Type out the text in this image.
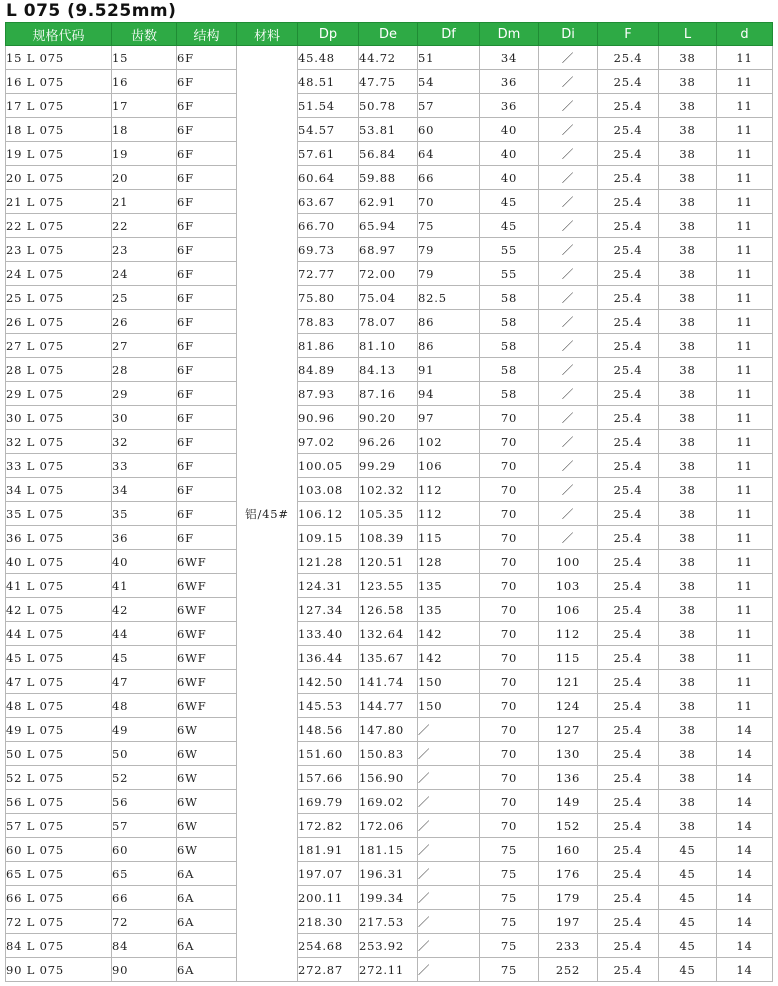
L 075 (9.525mm)
规格代码	齿数	结构	材料	Dp	De	Df	Dm	Di	F	L	d
15 L 075	15	6F	铝/45#	45.48	44.72	51	34	／	25.4	38	11
16 L 075	16	6F		48.51	47.75	54	36	／	25.4	38	11
17 L 075	17	6F		51.54	50.78	57	36	／	25.4	38	11
18 L 075	18	6F		54.57	53.81	60	40	／	25.4	38	11
19 L 075	19	6F		57.61	56.84	64	40	／	25.4	38	11
20 L 075	20	6F		60.64	59.88	66	40	／	25.4	38	11
21 L 075	21	6F		63.67	62.91	70	45	／	25.4	38	11
22 L 075	22	6F		66.70	65.94	75	45	／	25.4	38	11
23 L 075	23	6F		69.73	68.97	79	55	／	25.4	38	11
24 L 075	24	6F		72.77	72.00	79	55	／	25.4	38	11
25 L 075	25	6F		75.80	75.04	82.5	58	／	25.4	38	11
26 L 075	26	6F		78.83	78.07	86	58	／	25.4	38	11
27 L 075	27	6F		81.86	81.10	86	58	／	25.4	38	11
28 L 075	28	6F		84.89	84.13	91	58	／	25.4	38	11
29 L 075	29	6F		87.93	87.16	94	58	／	25.4	38	11
30 L 075	30	6F		90.96	90.20	97	70	／	25.4	38	11
32 L 075	32	6F		97.02	96.26	102	70	／	25.4	38	11
33 L 075	33	6F		100.05	99.29	106	70	／	25.4	38	11
34 L 075	34	6F		103.08	102.32	112	70	／	25.4	38	11
35 L 075	35	6F		106.12	105.35	112	70	／	25.4	38	11
36 L 075	36	6F		109.15	108.39	115	70	／	25.4	38	11
40 L 075	40	6WF		121.28	120.51	128	70	100	25.4	38	11
41 L 075	41	6WF		124.31	123.55	135	70	103	25.4	38	11
42 L 075	42	6WF		127.34	126.58	135	70	106	25.4	38	11
44 L 075	44	6WF		133.40	132.64	142	70	112	25.4	38	11
45 L 075	45	6WF		136.44	135.67	142	70	115	25.4	38	11
47 L 075	47	6WF		142.50	141.74	150	70	121	25.4	38	11
48 L 075	48	6WF		145.53	144.77	150	70	124	25.4	38	11
49 L 075	49	6W		148.56	147.80	／	70	127	25.4	38	14
50 L 075	50	6W		151.60	150.83	／	70	130	25.4	38	14
52 L 075	52	6W		157.66	156.90	／	70	136	25.4	38	14
56 L 075	56	6W		169.79	169.02	／	70	149	25.4	38	14
57 L 075	57	6W		172.82	172.06	／	70	152	25.4	38	14
60 L 075	60	6W		181.91	181.15	／	75	160	25.4	45	14
65 L 075	65	6A		197.07	196.31	／	75	176	25.4	45	14
66 L 075	66	6A		200.11	199.34	／	75	179	25.4	45	14
72 L 075	72	6A		218.30	217.53	／	75	197	25.4	45	14
84 L 075	84	6A		254.68	253.92	／	75	233	25.4	45	14
90 L 075	90	6A		272.87	272.11	／	75	252	25.4	45	14
